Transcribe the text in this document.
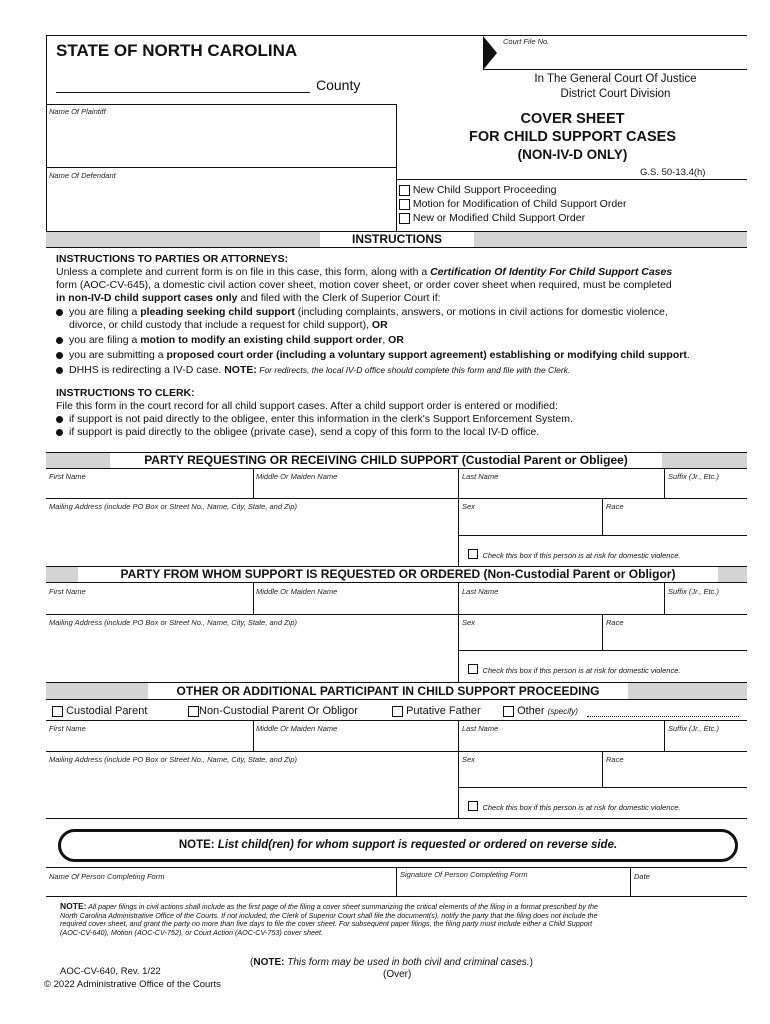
STATE OF NORTH CAROLINA
County
Court File No.
In The General Court Of Justice
District Court Division
Name Of Plaintiff
Name Of Defendant
COVER SHEET
FOR CHILD SUPPORT CASES
(NON-IV-D ONLY)
G.S. 50-13.4(h)
New Child Support Proceeding
Motion for Modification of Child Support Order
New or Modified Child Support Order
INSTRUCTIONS
INSTRUCTIONS TO PARTIES OR ATTORNEYS:
Unless a complete and current form is on file in this case, this form, along with a Certification Of Identity For Child Support Cases
form (AOC-CV-645), a domestic civil action cover sheet, motion cover sheet, or order cover sheet when required, must be completed
in non-IV-D child support cases only and filed with the Clerk of Superior Court if:
you are filing a pleading seeking child support (including complaints, answers, or motions in civil actions for domestic violence,
divorce, or child custody that include a request for child support), OR
you are filing a motion to modify an existing child support order, OR
you are submitting a proposed court order (including a voluntary support agreement) establishing or modifying child support.
DHHS is redirecting a IV-D case. NOTE: For redirects, the local IV-D office should complete this form and file with the Clerk.
INSTRUCTIONS TO CLERK:
File this form in the court record for all child support cases. After a child support order is entered or modified:
if support is not paid directly to the obligee, enter this information in the clerk's Support Enforcement System.
if support is paid directly to the obligee (private case), send a copy of this form to the local IV-D office.
PARTY REQUESTING OR RECEIVING CHILD SUPPORT (Custodial Parent or Obligee)
First Name	Middle Or Maiden Name	Last Name	Suffix (Jr., Etc.)
Mailing Address (include PO Box or Street No., Name, City, State, and Zip)	Sex	Race
Check this box if this person is at risk for domestic violence.
PARTY FROM WHOM SUPPORT IS REQUESTED OR ORDERED (Non-Custodial Parent or Obligor)
First Name	Middle Or Maiden Name	Last Name	Suffix (Jr., Etc.)
Mailing Address (include PO Box or Street No., Name, City, State, and Zip)	Sex	Race
Check this box if this person is at risk for domestic violence.
OTHER OR ADDITIONAL PARTICIPANT IN CHILD SUPPORT PROCEEDING
Custodial Parent	Non-Custodial Parent Or Obligor	Putative Father	Other (specify)
First Name	Middle Or Maiden Name	Last Name	Suffix (Jr., Etc.)
Mailing Address (include PO Box or Street No., Name, City, State, and Zip)	Sex	Race
Check this box if this person is at risk for domestic violence.
NOTE: List child(ren) for whom support is requested or ordered on reverse side.
Name Of Person Completing Form	Signature Of Person Completing Form	Date
NOTE: All paper filings in civil actions shall include as the first page of the filing a cover sheet summarizing the critical elements of the filing in a format prescribed by the
North Carolina Administrative Office of the Courts. If not included, the Clerk of Superior Court shall file the document(s), notify the party that the filing does not include the
required cover sheet, and grant the party no more than five days to file the cover sheet. For subsequent paper filings, the filing party must include either a Child Support
(AOC-CV-640), Motion (AOC-CV-752), or Court Action (AOC-CV-753) cover sheet.
(NOTE: This form may be used in both civil and criminal cases.)
(Over)
AOC-CV-640, Rev. 1/22
© 2022 Administrative Office of the Courts
